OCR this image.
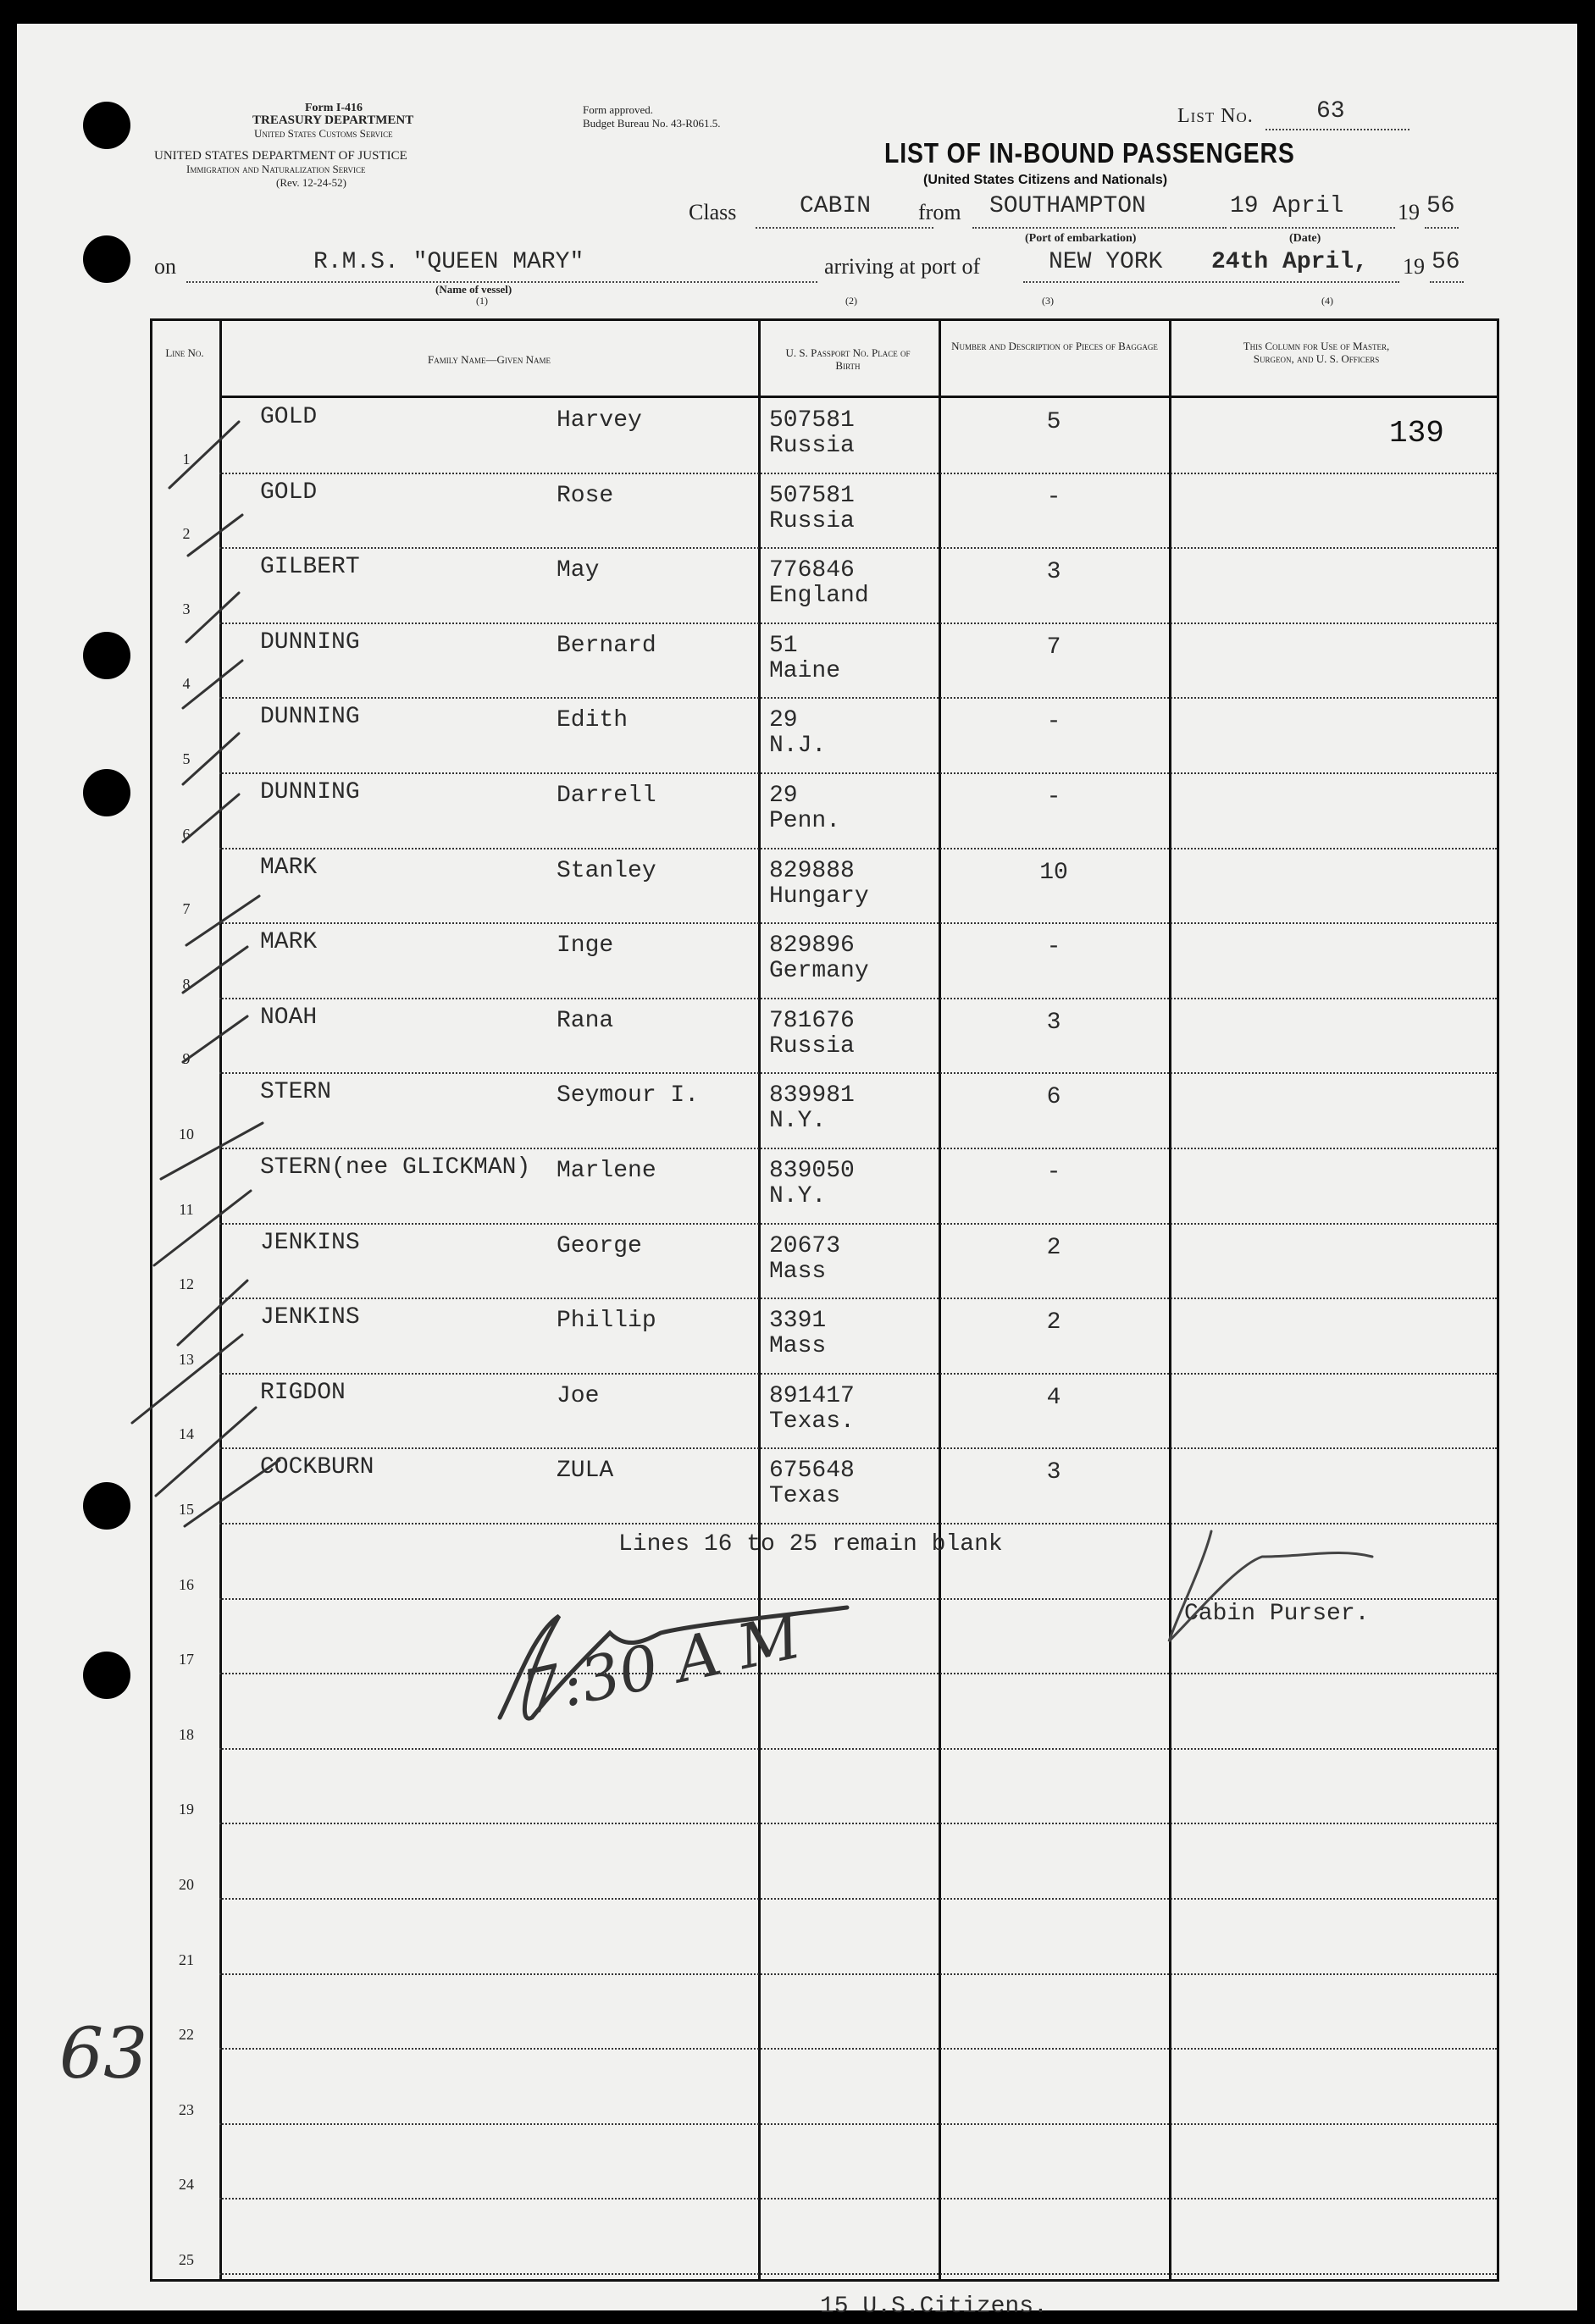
Form I-416
TREASURY DEPARTMENT
United States Customs Service
UNITED STATES DEPARTMENT OF JUSTICE
Immigration and Naturalization Service
(Rev. 12-24-52)
Form approved.
Budget Bureau No. 43-R061.5.	List No.	63
LIST OF IN-BOUND PASSENGERS
(United States Citizens and Nationals)
Class	CABIN from SOUTHAMPTON
(Port of embarkation)
19 April
(Date)
19 56
on	R.M.S. "QUEEN MARY"
(Name of vessel)
(1)
arriving at port of	NEW YORK 24th April, 19 56
(2)	(3)	(4)
Line No.
Family Name—Given Name
U. S. Passport No. Place of Birth
Number and Description of Pieces of Baggage	This Column for Use of Master, Surgeon, and U. S. Officers
1
GOLD	Harvey	507581
Russia
5	139
2
GOLD	Rose	507581
Russia
-
3
GILBERT	May	776846
England
3
4
DUNNING	Bernard	51
Maine
7
5
DUNNING	Edith	29
N.J.
-
6
DUNNING	Darrell	29
Penn.
-
7
MARK	Stanley	829888
Hungary
10
8
MARK	Inge	829896
Germany
-
9
NOAH	Rana	781676
Russia
3
10
STERN	Seymour I.	839981
N.Y.
6
11
STERN(nee GLICKMAN) Marlene	839050
N.Y.
-
12
JENKINS	George	20673
Mass
2
13
JENKINS	Phillip	3391
Mass
2
14
RIGDON	Joe	891417
Texas.
4
15
COCKBURN	ZULA	675648
Texas
3
16
17
18
19
20
21
22
23
24
25
Lines 16 to 25 remain blank
Cabin Purser.
7:30 A M
63
15 U.S.Citizens.
